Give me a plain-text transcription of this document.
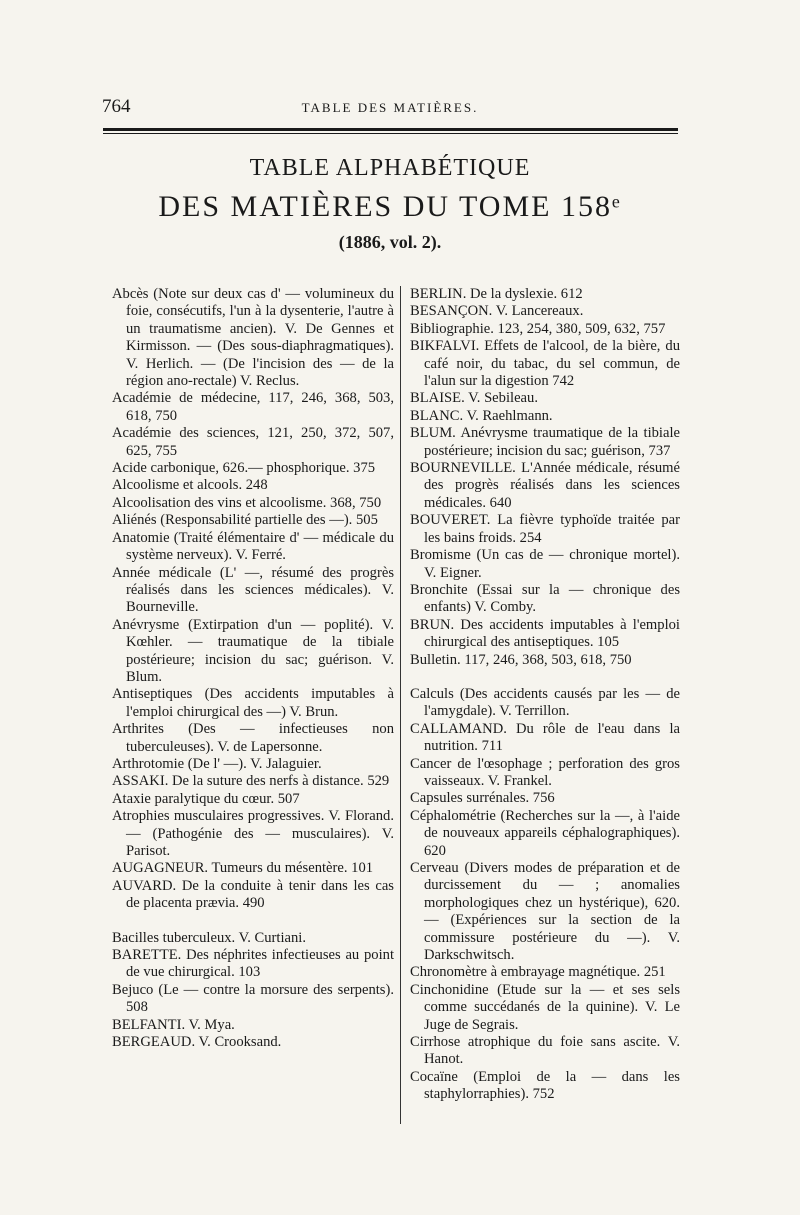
764	TABLE DES MATIÈRES.
TABLE ALPHABÉTIQUE
DES MATIÈRES DU TOME 158ᵉ
(1886, vol. 2).

Abcès (Note sur deux cas d' — volumineux du foie, consécutifs, l'un à la dysenterie, l'autre à un traumatisme ancien). V. De Gennes et Kirmisson. — (Des sous-diaphragmatiques). V. Herlich. — (De l'incision des — de la région ano-rectale) V. Reclus.

Académie de médecine, 117, 246, 368, 503, 618, 750

Académie des sciences, 121, 250, 372, 507, 625, 755

Acide carbonique, 626.— phosphorique. 375

Alcoolisme et alcools. 248

Alcoolisation des vins et alcoolisme. 368, 750

Aliénés (Responsabilité partielle des —). 505

Anatomie (Traité élémentaire d' — médicale du système nerveux). V. Ferré.

Année médicale (L' —, résumé des progrès réalisés dans les sciences médicales). V. Bourneville.

Anévrysme (Extirpation d'un — poplité). V. Kœhler. — traumatique de la tibiale postérieure; incision du sac; guérison. V. Blum.

Antiseptiques (Des accidents imputables à l'emploi chirurgical des —) V. Brun.

Arthrites (Des — infectieuses non tuberculeuses). V. de Lapersonne.

Arthrotomie (De l' —). V. Jalaguier.

ASSAKI. De la suture des nerfs à distance. 529

Ataxie paralytique du cœur. 507

Atrophies musculaires progressives. V. Florand. — (Pathogénie des — musculaires). V. Parisot.

AUGAGNEUR. Tumeurs du mésentère. 101

AUVARD. De la conduite à tenir dans les cas de placenta prævia. 490

Bacilles tuberculeux. V. Curtiani.

BARETTE. Des néphrites infectieuses au point de vue chirurgical. 103

Bejuco (Le — contre la morsure des serpents). 508

BELFANTI. V. Mya.

BERGEAUD. V. Crooksand.

BERLIN. De la dyslexie. 612

BESANÇON. V. Lancereaux.

Bibliographie. 123, 254, 380, 509, 632, 757

BIKFALVI. Effets de l'alcool, de la bière, du café noir, du tabac, du sel commun, de l'alun sur la digestion 742

BLAISE. V. Sebileau.

BLANC. V. Raehlmann.

BLUM. Anévrysme traumatique de la tibiale postérieure; incision du sac; guérison, 737

BOURNEVILLE. L'Année médicale, résumé des progrès réalisés dans les sciences médicales. 640

BOUVERET. La fièvre typhoïde traitée par les bains froids. 254

Bromisme (Un cas de — chronique mortel). V. Eigner.

Bronchite (Essai sur la — chronique des enfants) V. Comby.

BRUN. Des accidents imputables à l'emploi chirurgical des antiseptiques. 105

Bulletin. 117, 246, 368, 503, 618, 750

Calculs (Des accidents causés par les — de l'amygdale). V. Terrillon.

CALLAMAND. Du rôle de l'eau dans la nutrition. 711

Cancer de l'œsophage ; perforation des gros vaisseaux. V. Frankel.

Capsules surrénales. 756

Céphalométrie (Recherches sur la —, à l'aide de nouveaux appareils céphalographiques). 620

Cerveau (Divers modes de préparation et de durcissement du — ; anomalies morphologiques chez un hystérique), 620.— (Expériences sur la section de la commissure postérieure du —). V. Darkschwitsch.

Chronomètre à embrayage magnétique. 251

Cinchonidine (Etude sur la — et ses sels comme succédanés de la quinine). V. Le Juge de Segrais.

Cirrhose atrophique du foie sans ascite. V. Hanot.

Cocaïne (Emploi de la — dans les staphylorraphies). 752
